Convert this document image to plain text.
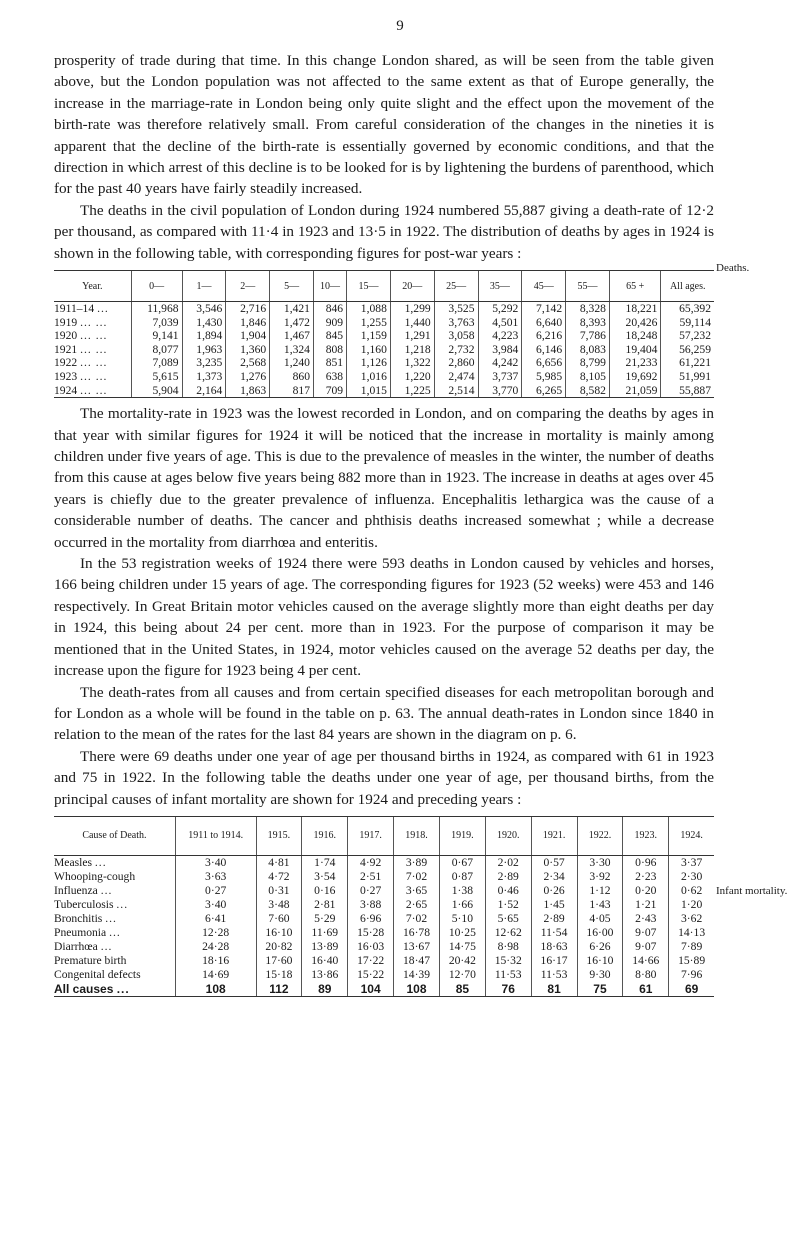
9

prosperity of trade during that time. In this change London shared, as will be seen from the table given above, but the London population was not affected to the same extent as that of Europe generally, the increase in the marriage-rate in London being only quite slight and the effect upon the movement of the birth-rate was therefore relatively small. From careful consideration of the changes in the nineties it is apparent that the decline of the birth-rate is essentially governed by economic conditions, and that the direction in which arrest of this decline is to be looked for is by lightening the burdens of parenthood, which for the past 40 years have fairly steadily increased.

The deaths in the civil population of London during 1924 numbered 55,887 giving a death-rate of 12·2 per thousand, as compared with 11·4 in 1923 and 13·5 in 1922. The distribution of deaths by ages in 1924 is shown in the following table, with corresponding figures for post-war years :

Year.	0—	1—	2—	5—	10—	15—	20—	25—	35—	45—	55—	65 +	All ages.
1911–14 ...	11,968	3,546	2,716	1,421	846	1,088	1,299	3,525	5,292	7,142	8,328	18,221	65,392
1919 ... ...	7,039	1,430	1,846	1,472	909	1,255	1,440	3,763	4,501	6,640	8,393	20,426	59,114
1920 ... ...	9,141	1,894	1,904	1,467	845	1,159	1,291	3,058	4,223	6,216	7,786	18,248	57,232
1921 ... ...	8,077	1,963	1,360	1,324	808	1,160	1,218	2,732	3,984	6,146	8,083	19,404	56,259
1922 ... ...	7,089	3,235	2,568	1,240	851	1,126	1,322	2,860	4,242	6,656	8,799	21,233	61,221
1923 ... ...	5,615	1,373	1,276	860	638	1,016	1,220	2,474	3,737	5,985	8,105	19,692	51,991
1924 ... ...	5,904	2,164	1,863	817	709	1,015	1,225	2,514	3,770	6,265	8,582	21,059	55,887

The mortality-rate in 1923 was the lowest recorded in London, and on comparing the deaths by ages in that year with similar figures for 1924 it will be noticed that the increase in mortality is mainly among children under five years of age. This is due to the prevalence of measles in the winter, the number of deaths from this cause at ages below five years being 882 more than in 1923. The increase in deaths at ages over 45 years is chiefly due to the greater prevalence of influenza. Encephalitis lethargica was the cause of a considerable number of deaths. The cancer and phthisis deaths increased somewhat ; while a decrease occurred in the mortality from diarrhœa and enteritis.

In the 53 registration weeks of 1924 there were 593 deaths in London caused by vehicles and horses, 166 being children under 15 years of age. The corresponding figures for 1923 (52 weeks) were 453 and 146 respectively. In Great Britain motor vehicles caused on the average slightly more than eight deaths per day in 1924, this being about 24 per cent. more than in 1923. For the purpose of comparison it may be mentioned that in the United States, in 1924, motor vehicles caused on the average 52 deaths per day, the increase upon the figure for 1923 being 4 per cent.

The death-rates from all causes and from certain specified diseases for each metropolitan borough and for London as a whole will be found in the table on p. 63. The annual death-rates in London since 1840 in relation to the mean of the rates for the last 84 years are shown in the diagram on p. 6.

There were 69 deaths under one year of age per thousand births in 1924, as compared with 61 in 1923 and 75 in 1922. In the following table the deaths under one year of age, per thousand births, from the principal causes of infant mortality are shown for 1924 and preceding years :

Cause of Death.	1911 to 1914.	1915.	1916.	1917.	1918.	1919.	1920.	1921.	1922.	1923.	1924.
Measles ...	3·40	4·81	1·74	4·92	3·89	0·67	2·02	0·57	3·30	0·96	3·37
Whooping-cough	3·63	4·72	3·54	2·51	7·02	0·87	2·89	2·34	3·92	2·23	2·30
Influenza ...	0·27	0·31	0·16	0·27	3·65	1·38	0·46	0·26	1·12	0·20	0·62
Tuberculosis ...	3·40	3·48	2·81	3·88	2·65	1·66	1·52	1·45	1·43	1·21	1·20
Bronchitis ...	6·41	7·60	5·29	6·96	7·02	5·10	5·65	2·89	4·05	2·43	3·62
Pneumonia ...	12·28	16·10	11·69	15·28	16·78	10·25	12·62	11·54	16·00	9·07	14·13
Diarrhœa ...	24·28	20·82	13·89	16·03	13·67	14·75	8·98	18·63	6·26	9·07	7·89
Premature birth	18·16	17·60	16·40	17·22	18·47	20·42	15·32	16·17	16·10	14·66	15·89
Congenital defects	14·69	15·18	13·86	15·22	14·39	12·70	11·53	11·53	9·30	8·80	7·96
All causes ...	108	112	89	104	108	85	76	81	75	61	69
Deaths.
Infant mortality.
